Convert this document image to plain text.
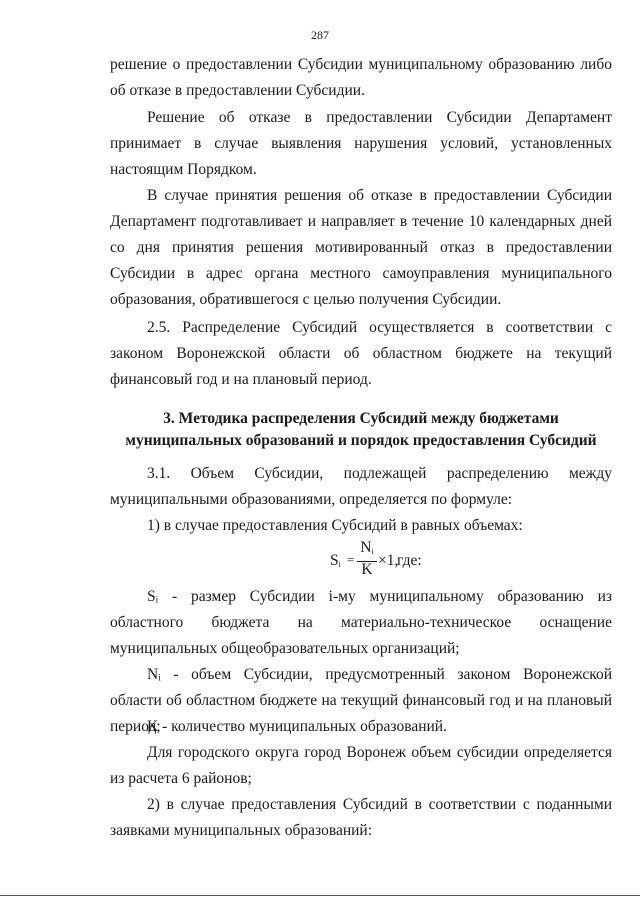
287

решение о предоставлении Субсидии муниципальному образованию либо об отказе в предоставлении Субсидии.

Решение об отказе в предоставлении Субсидии Департамент принимает в случае выявления нарушения условий, установленных настоящим Порядком.

В случае принятия решения об отказе в предоставлении Субсидии Департамент подготавливает и направляет в течение 10 календарных дней со дня принятия решения мотивированный отказ в предоставлении Субсидии в адрес органа местного самоуправления муниципального образования, обратившегося с целью получения Субсидии.

2.5. Распределение Субсидий осуществляется в соответствии с законом Воронежской области об областном бюджете на текущий финансовый год и на плановый период.

3. Методика распределения Субсидий между бюджетами
муниципальных образований и порядок предоставления Субсидий

3.1. Объем Субсидии, подлежащей распределению между муниципальными образованиями, определяется по формуле:

1) в случае предоставления Субсидий в равных объемах:

$S_i$ =
$N_i$
K
×1,
где:

Sᵢ - размер Субсидии i-му муниципальному образованию из областного бюджета на материально-техническое оснащение муниципальных общеобразовательных организаций;

Nᵢ - объем Субсидии, предусмотренный законом Воронежской области об областном бюджете на текущий финансовый год и на плановый период;

K - количество муниципальных образований.

Для городского округа город Воронеж объем субсидии определяется из расчета 6 районов;

2) в случае предоставления Субсидий в соответствии с поданными заявками муниципальных образований:
